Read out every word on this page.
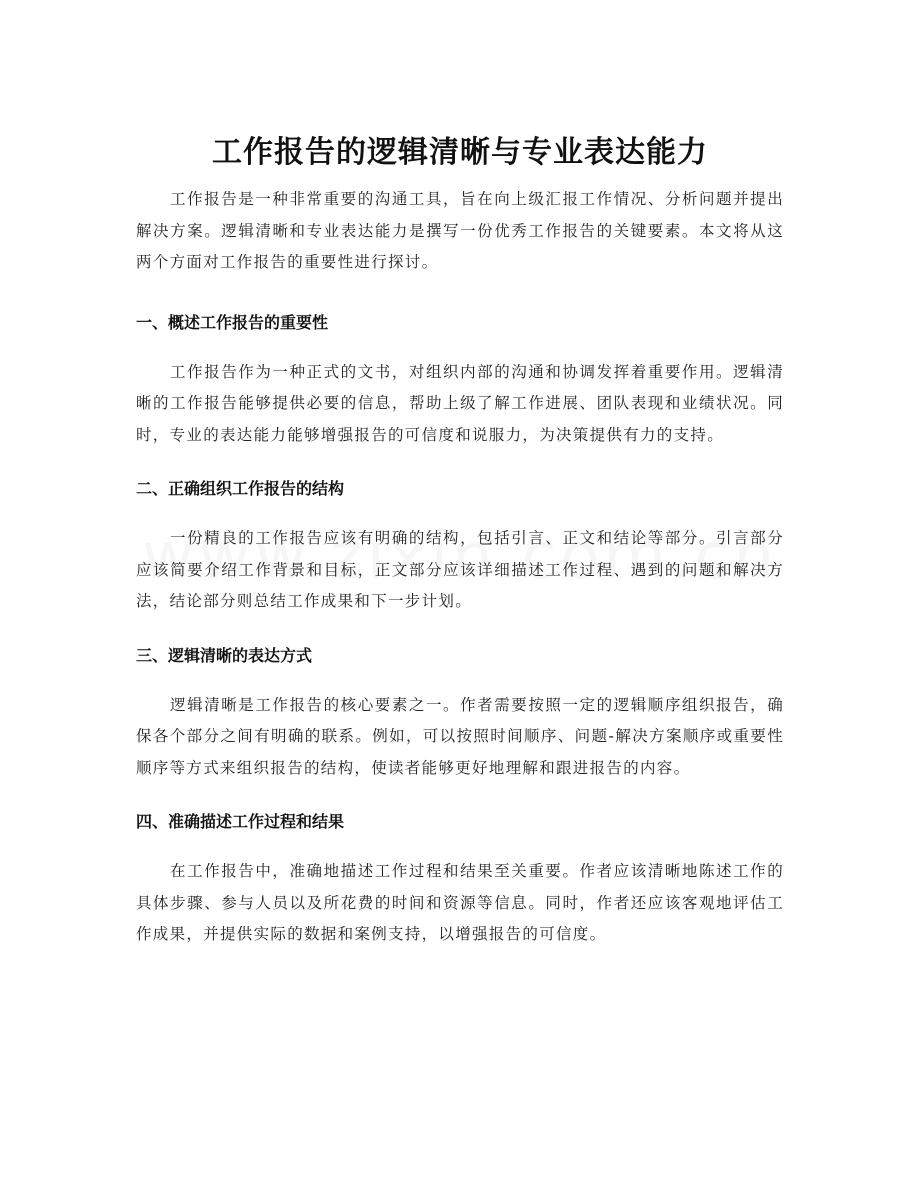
工作报告的逻辑清晰与专业表达能力

工作报告是一种非常重要的沟通工具，旨在向上级汇报工作情况、分析问题并提出解决方案。逻辑清晰和专业表达能力是撰写一份优秀工作报告的关键要素。本文将从这两个方面对工作报告的重要性进行探讨。

一、概述工作报告的重要性

工作报告作为一种正式的文书，对组织内部的沟通和协调发挥着重要作用。逻辑清晰的工作报告能够提供必要的信息，帮助上级了解工作进展、团队表现和业绩状况。同时，专业的表达能力能够增强报告的可信度和说服力，为决策提供有力的支持。

二、正确组织工作报告的结构

一份精良的工作报告应该有明确的结构，包括引言、正文和结论等部分。引言部分应该简要介绍工作背景和目标，正文部分应该详细描述工作过程、遇到的问题和解决方法，结论部分则总结工作成果和下一步计划。

三、逻辑清晰的表达方式

逻辑清晰是工作报告的核心要素之一。作者需要按照一定的逻辑顺序组织报告，确保各个部分之间有明确的联系。例如，可以按照时间顺序、问题-解决方案顺序或重要性顺序等方式来组织报告的结构，使读者能够更好地理解和跟进报告的内容。

四、准确描述工作过程和结果

在工作报告中，准确地描述工作过程和结果至关重要。作者应该清晰地陈述工作的具体步骤、参与人员以及所花费的时间和资源等信息。同时，作者还应该客观地评估工作成果，并提供实际的数据和案例支持，以增强报告的可信度。
